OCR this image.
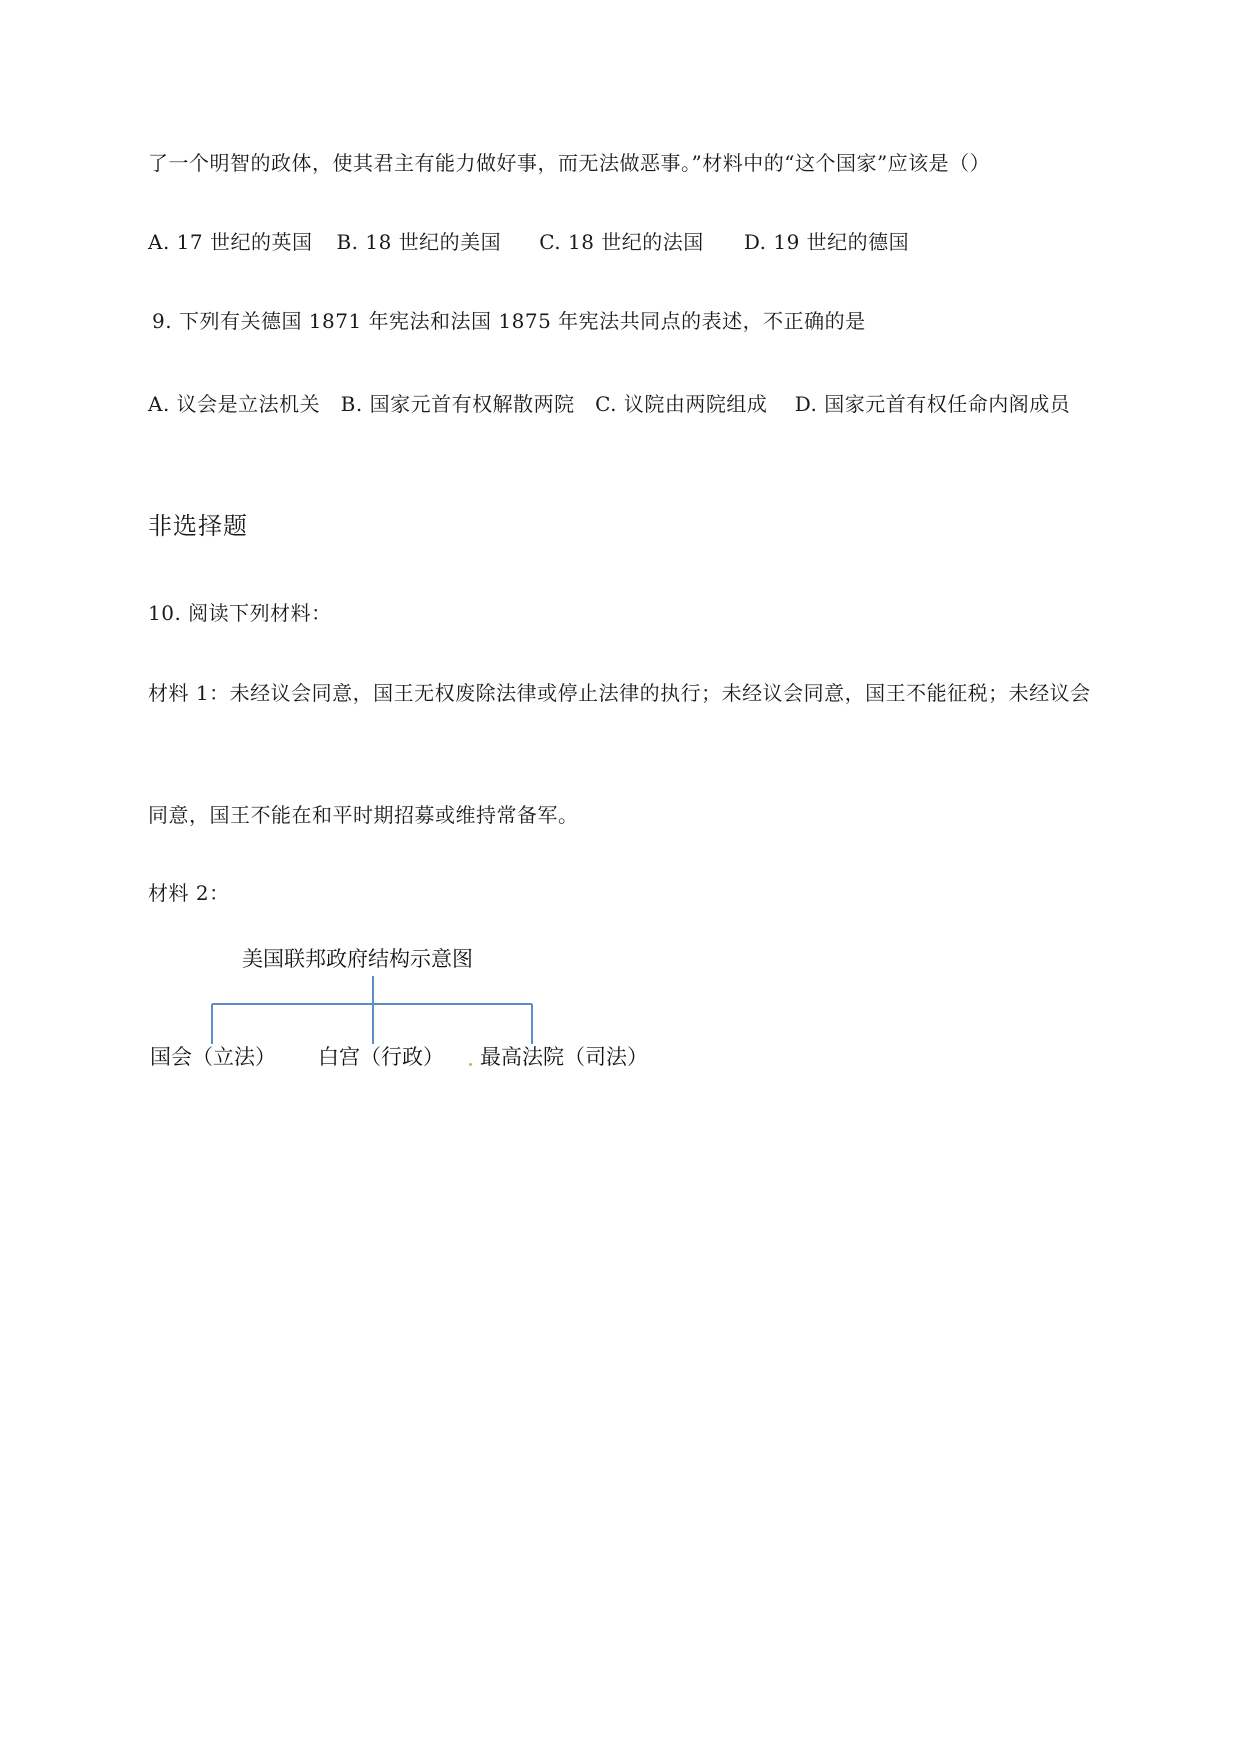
了一个明智的政体，使其君主有能力做好事，而无法做恶事。”材料中的“这个国家”应该是（）
A. 17 世纪的英国 B. 18 世纪的美国 C. 18 世纪的法国 D. 19 世纪的德国
9. 下列有关德国 1871 年宪法和法国 1875 年宪法共同点的表述，不正确的是
A. 议会是立法机关　B. 国家元首有权解散两院　C. 议院由两院组成　 D. 国家元首有权任命内阁成员
非选择题
10. 阅读下列材料：
材料 1：未经议会同意，国王无权废除法律或停止法律的执行；未经议会同意，国王不能征税；未经议会
同意，国王不能在和平时期招募或维持常备军。
材料 2：
美国联邦政府结构示意图
国会（立法） 白宫（行政） 最高法院（司法）
